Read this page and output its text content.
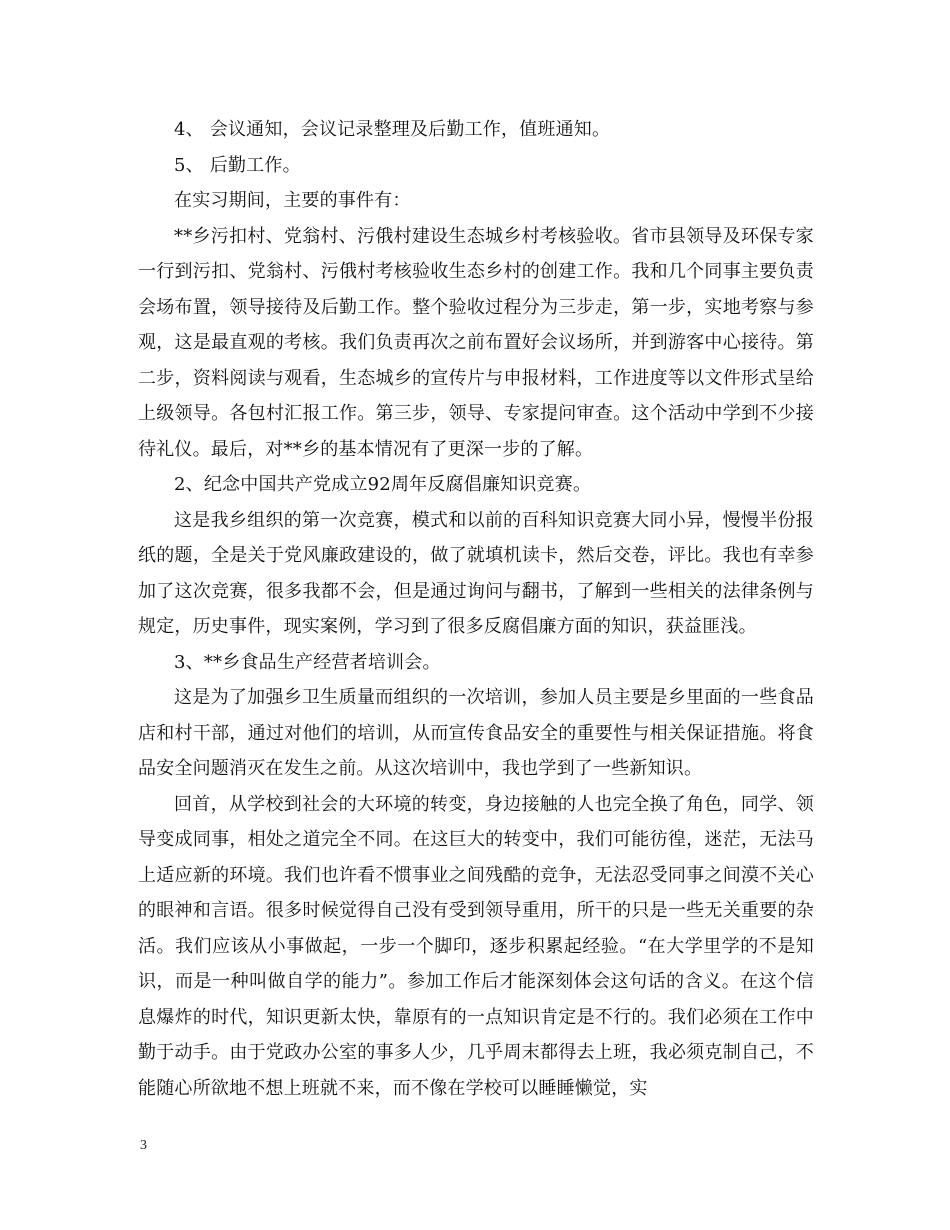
4、 会议通知，会议记录整理及后勤工作，值班通知。

5、 后勤工作。

在实习期间，主要的事件有：

**乡污扣村、党翁村、污俄村建设生态城乡村考核验收。省市县领导及环保专家一行到污扣、党翁村、污俄村考核验收生态乡村的创建工作。我和几个同事主要负责会场布置，领导接待及后勤工作。整个验收过程分为三步走，第一步，实地考察与参观，这是最直观的考核。我们负责再次之前布置好会议场所，并到游客中心接待。第二步，资料阅读与观看，生态城乡的宣传片与申报材料，工作进度等以文件形式呈给上级领导。各包村汇报工作。第三步，领导、专家提问审查。这个活动中学到不少接待礼仪。最后，对**乡的基本情况有了更深一步的了解。

2、纪念中国共产党成立92周年反腐倡廉知识竞赛。

这是我乡组织的第一次竞赛，模式和以前的百科知识竞赛大同小异，慢慢半份报纸的题，全是关于党风廉政建设的，做了就填机读卡，然后交卷，评比。我也有幸参加了这次竞赛，很多我都不会，但是通过询问与翻书，了解到一些相关的法律条例与规定，历史事件，现实案例，学习到了很多反腐倡廉方面的知识，获益匪浅。

3、**乡食品生产经营者培训会。

这是为了加强乡卫生质量而组织的一次培训，参加人员主要是乡里面的一些食品店和村干部，通过对他们的培训，从而宣传食品安全的重要性与相关保证措施。将食品安全问题消灭在发生之前。从这次培训中，我也学到了一些新知识。

回首，从学校到社会的大环境的转变，身边接触的人也完全换了角色，同学、领导变成同事，相处之道完全不同。在这巨大的转变中，我们可能彷徨，迷茫，无法马上适应新的环境。我们也许看不惯事业之间残酷的竞争，无法忍受同事之间漠不关心的眼神和言语。很多时候觉得自己没有受到领导重用，所干的只是一些无关重要的杂活。我们应该从小事做起，一步一个脚印，逐步积累起经验。“在大学里学的不是知识，而是一种叫做自学的能力”。参加工作后才能深刻体会这句话的含义。在这个信息爆炸的时代，知识更新太快，靠原有的一点知识肯定是不行的。我们必须在工作中勤于动手。由于党政办公室的事多人少，几乎周末都得去上班，我必须克制自己，不能随心所欲地不想上班就不来，而不像在学校可以睡睡懒觉，实

3
